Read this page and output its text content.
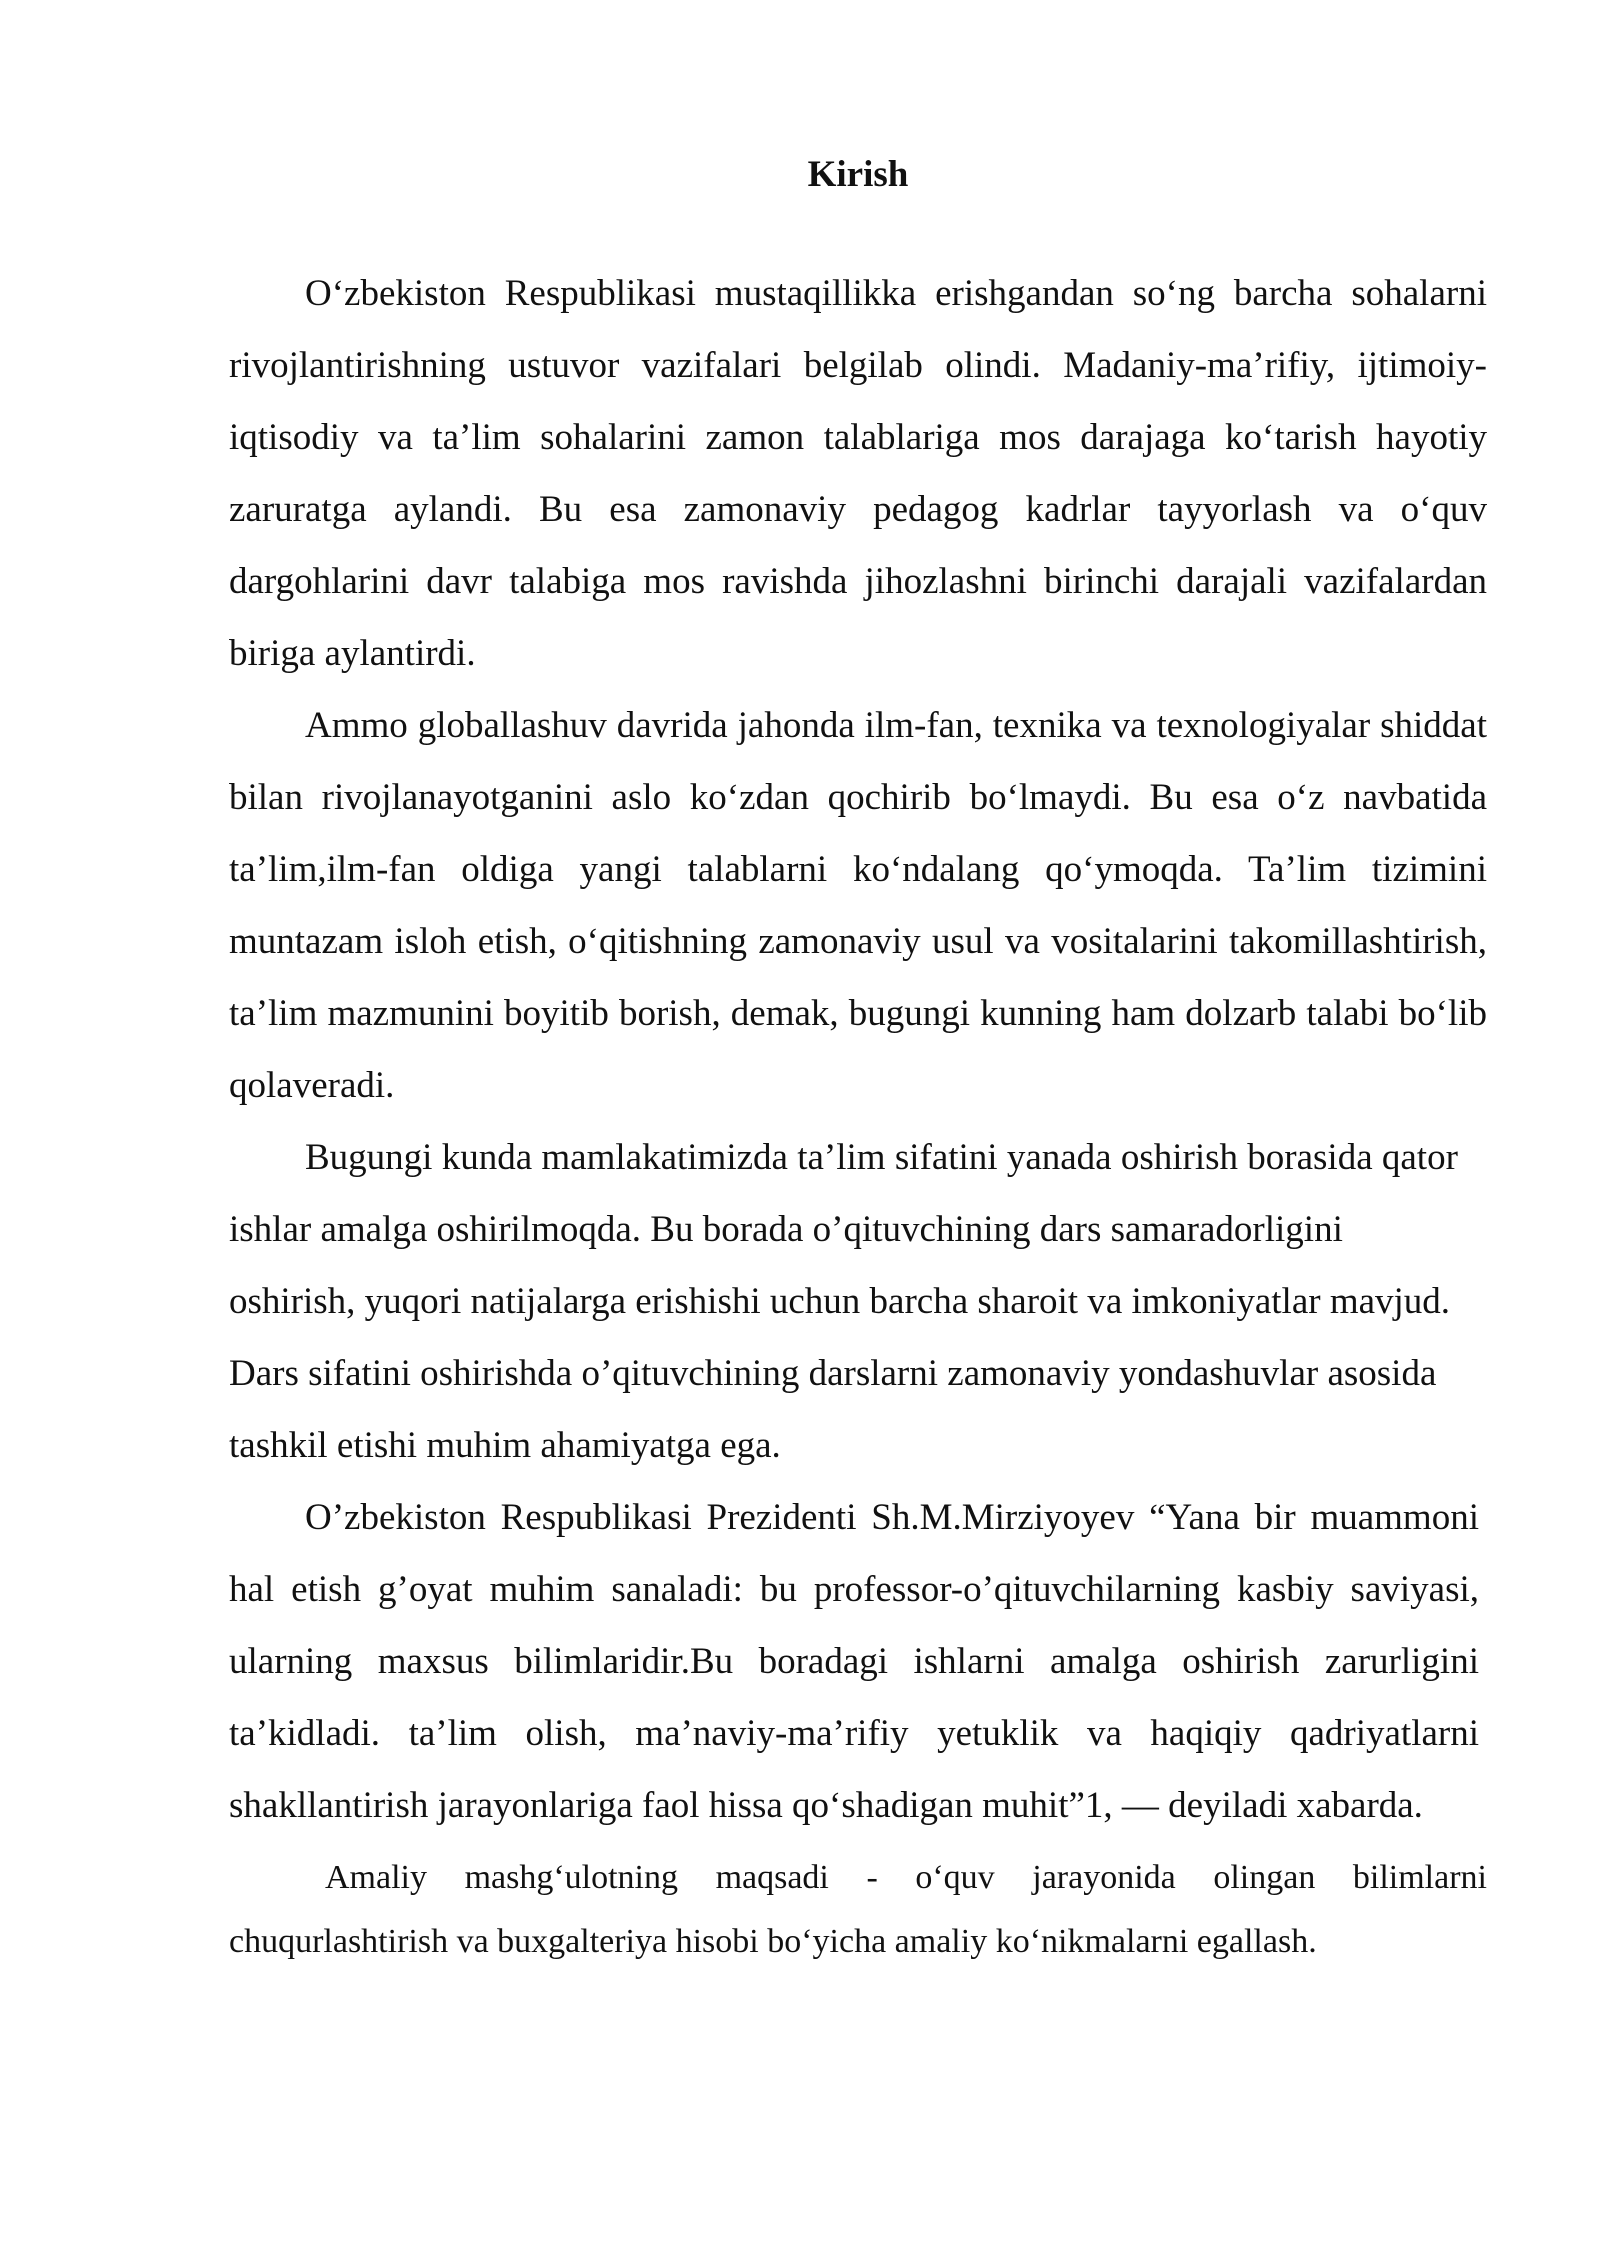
Kirish

O‘zbekiston Respublikasi mustaqillikka erishgandan so‘ng barcha sohalarni rivojlantirishning ustuvor vazifalari belgilab olindi. Madaniy-ma’rifiy, ijtimoiy-iqtisodiy va ta’lim sohalarini zamon talablariga mos darajaga ko‘tarish hayotiy zaruratga aylandi. Bu esa zamonaviy pedagog kadrlar tayyorlash va o‘quv dargohlarini davr talabiga mos ravishda jihozlashni birinchi darajali vazifalardan biriga aylantirdi.

Ammo globallashuv davrida jahonda ilm-fan, texnika va texnologiyalar shiddat bilan rivojlanayotganini aslo ko‘zdan qochirib bo‘lmaydi. Bu esa o‘z navbatida ta’lim,ilm-fan oldiga yangi talablarni ko‘ndalang qo‘ymoqda. Ta’lim tizimini muntazam isloh etish, o‘qitishning zamonaviy usul va vositalarini takomillashtirish, ta’lim mazmunini boyitib borish, demak, bugungi kunning ham dolzarb talabi bo‘lib qolaveradi.

Bugungi kunda mamlakatimizda ta’lim sifatini yanada oshirish borasida qator ishlar amalga oshirilmoqda. Bu borada o’qituvchining dars samaradorligini oshirish, yuqori natijalarga erishishi uchun barcha sharoit va imkoniyatlar mavjud. Dars sifatini oshirishda o’qituvchining darslarni zamonaviy yondashuvlar asosida tashkil etishi muhim ahamiyatga ega.

O’zbekiston Respublikasi Prezidenti Sh.M.Mirziyoyev “Yana bir muammoni hal etish g’oyat muhim sanaladi: bu professor-o’qituvchilarning kasbiy saviyasi, ularning maxsus bilimlaridir.Bu boradagi ishlarni amalga oshirish zarurligini ta’kidladi. ta’lim olish, ma’naviy-ma’rifiy yetuklik va haqiqiy qadriyatlarni shakllantirish jarayonlariga faol hissa qo‘shadigan muhit”1, — deyiladi xabarda.

Amaliy mashg‘ulotning maqsadi - o‘quv jarayonida olingan bilimlarni chuqurlashtirish va buxgalteriya hisobi bo‘yicha amaliy ko‘nikmalarni egallash.
